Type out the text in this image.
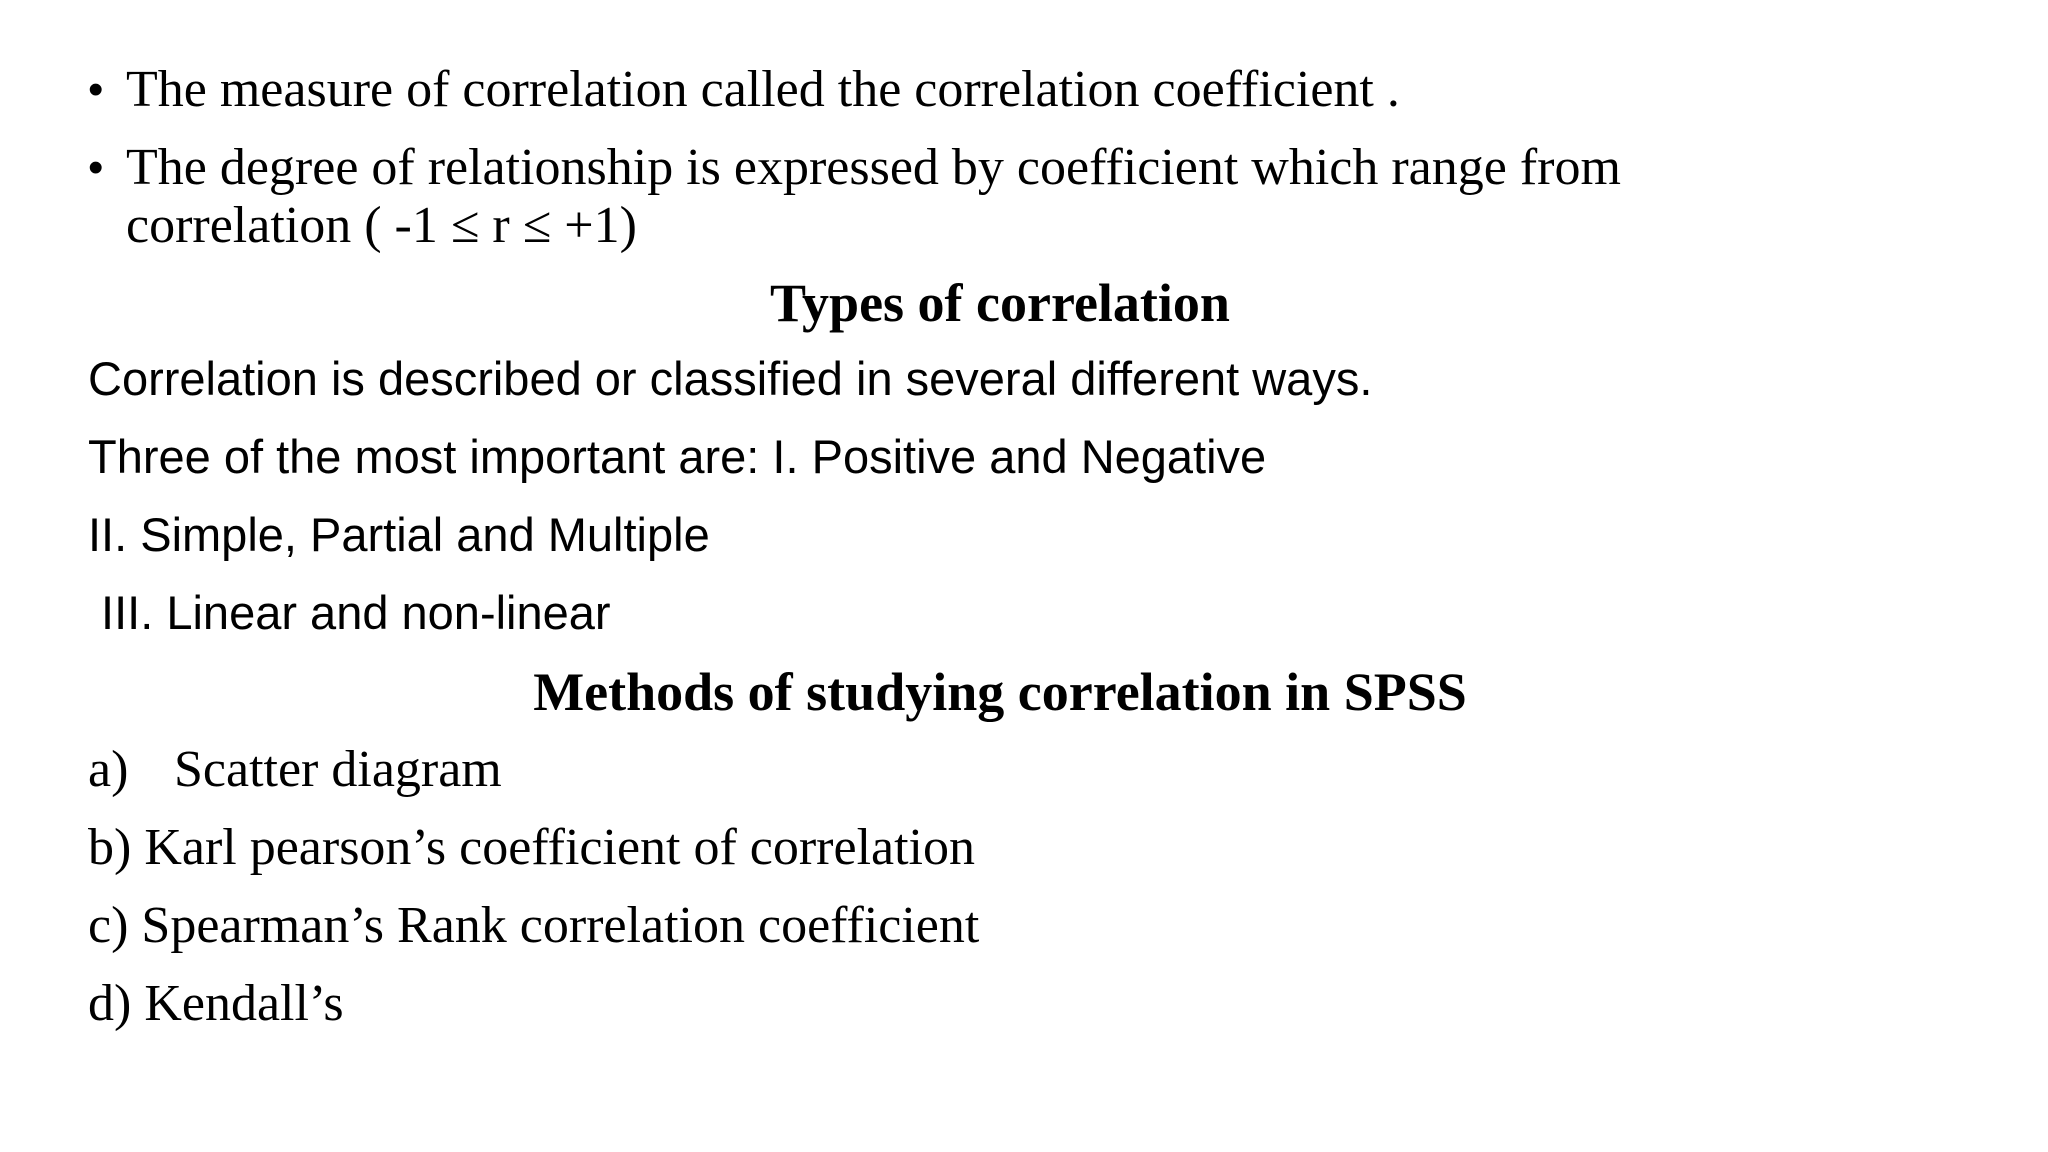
• The measure of correlation called the correlation coefficient .
• The degree of relationship is expressed by coefficient which range from
correlation ( -1 ≤ r ≤ +1)
Types of correlation
Correlation is described or classified in several different ways.
Three of the most important are: I. Positive and Negative
II. Simple, Partial and Multiple
III. Linear and non-linear
Methods of studying correlation in SPSS
a) Scatter diagram
b) Karl pearson’s coefficient of correlation
c) Spearman’s Rank correlation coefficient
d) Kendall’s
